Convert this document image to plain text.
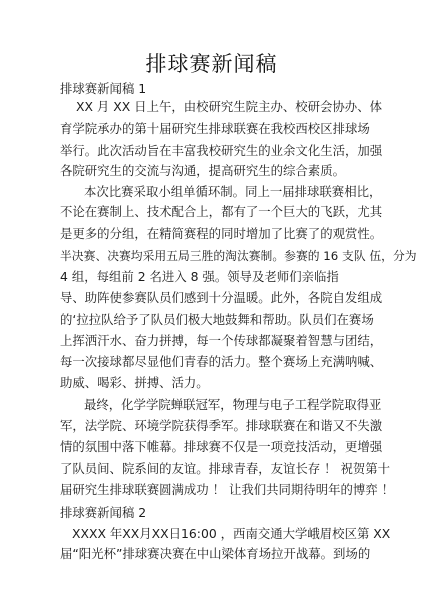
排球赛新闻稿
排球赛新闻稿 1
XX 月 XX 日上午，由校研究生院主办、校研会协办、体
育学院承办的第十届研究生排球联赛在我校西校区排球场
举行。此次活动旨在丰富我校研究生的业余文化生活，加强
各院研究生的交流与沟通，提高研究生的综合素质。
本次比赛采取小组单循环制。同上一届排球联赛相比，
不论在赛制上、技术配合上，都有了一个巨大的飞跃，尤其
是更多的分组，在精简赛程的同时增加了比赛了的观赏性。
半决赛、决赛均采用五局三胜的淘汰赛制。参赛的 16 支队 伍，分为
4 组，每组前 2 名进入 8 强。领导及老师们亲临指
导、助阵使参赛队员们感到十分温暖。此外，各院自发组成
的‘拉拉队给予了队员们极大地鼓舞和帮助。队员们在赛场
上挥洒汗水、奋力拼搏，每一个传球都凝聚着智慧与团结，
每一次接球都尽显他们青春的活力。整个赛场上充满呐喊、
助威、喝彩、拼搏、活力。
最终，化学学院蝉联冠军，物理与电子工程学院取得亚
军，法学院、环境学院获得季军。排球联赛在和谐又不失激
情的氛围中落下帷幕。排球赛不仅是一项竞技活动，更增强
了队员间、院系间的友谊。排球青春，友谊长存 ！ 祝贺第十
届研究生排球联赛圆满成功 ！ 让我们共同期待明年的博弈 ！
排球赛新闻稿 2
XXXX 年XX月XX日16:00 ，西南交通大学峨眉校区第 XX
届“阳光杯”排球赛决赛在中山梁体育场拉开战幕。到场的
